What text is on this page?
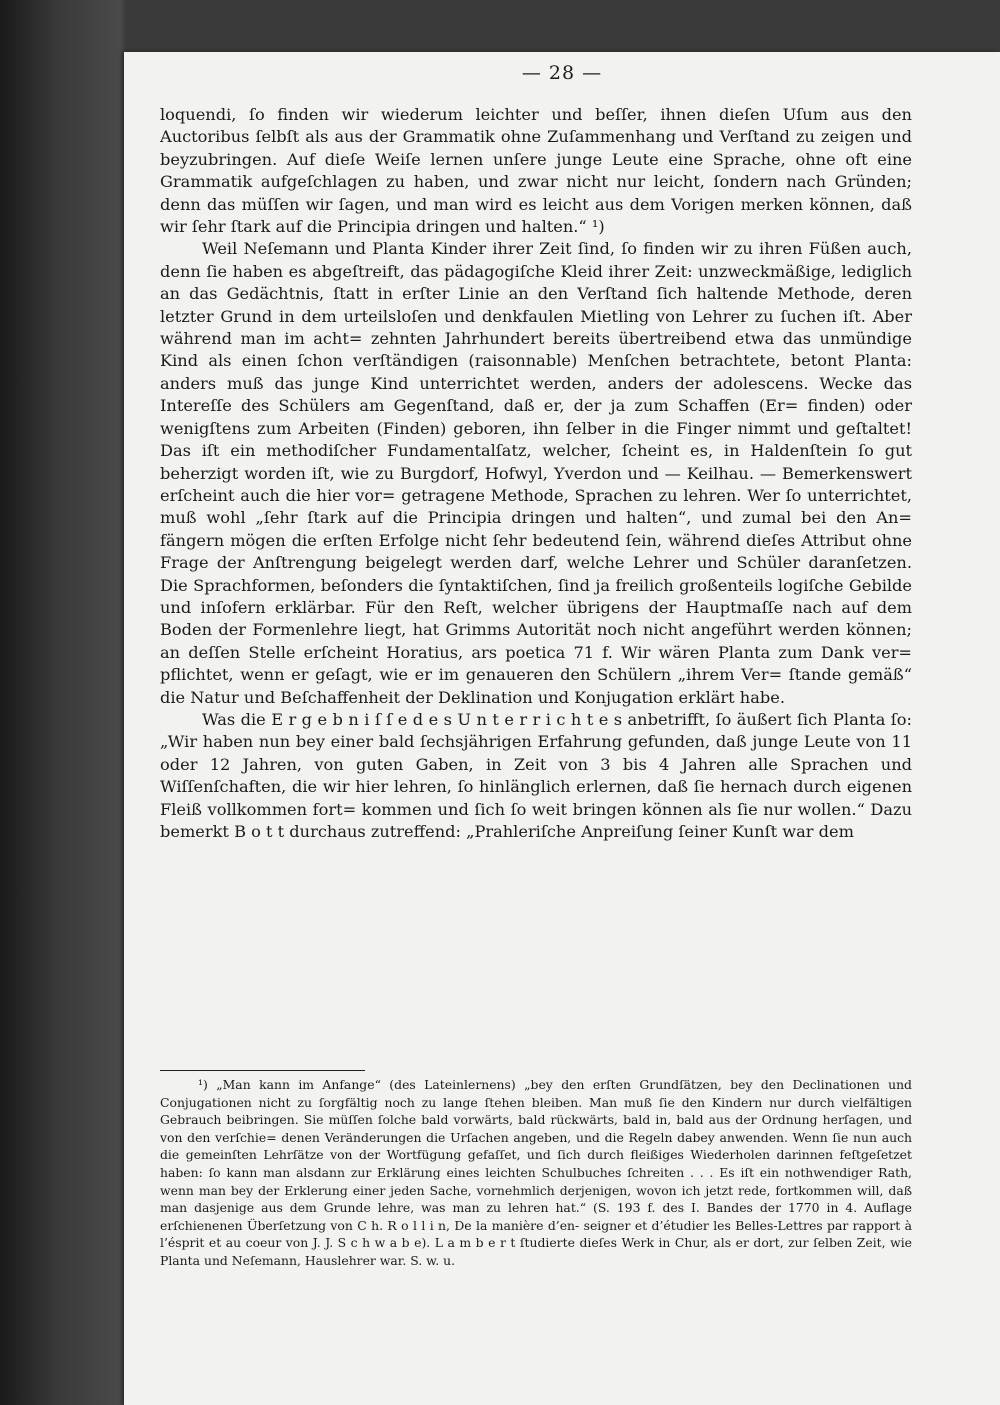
— 28 —

loquendi, ſo finden wir wiederum leichter und beſſer, ihnen dieſen Uſum aus den Auctoribus ſelbſt als aus der Grammatik ohne Zuſammenhang und Verſtand zu zeigen und beyzubringen. Auf dieſe Weiſe lernen unſere junge Leute eine Sprache, ohne oft eine Grammatik aufgeſchlagen zu haben, und zwar nicht nur leicht, ſondern nach Gründen; denn das müſſen wir ſagen, und man wird es leicht aus dem Vorigen merken können, daß wir ſehr ſtark auf die Principia dringen und halten.“ ¹)

Weil Neſemann und Planta Kinder ihrer Zeit ſind, ſo finden wir zu ihren Füßen auch, denn ſie haben es abgeſtreift, das pädagogiſche Kleid ihrer Zeit: unzweckmäßige, lediglich an das Gedächtnis, ſtatt in erſter Linie an den Verſtand ſich haltende Methode, deren letzter Grund in dem urteilsloſen und denkfaulen Mietling von Lehrer zu ſuchen iſt. Aber während man im acht= zehnten Jahrhundert bereits übertreibend etwa das unmündige Kind als einen ſchon verſtändigen (raisonnable) Menſchen betrachtete, betont Planta: anders muß das junge Kind unterrichtet werden, anders der adolescens. Wecke das Intereſſe des Schülers am Gegenſtand, daß er, der ja zum Schaffen (Er= finden) oder wenigſtens zum Arbeiten (Finden) geboren, ihn ſelber in die Finger nimmt und geſtaltet! Das iſt ein methodiſcher Fundamentalſatz, welcher, ſcheint es, in Haldenſtein ſo gut beherzigt worden iſt, wie zu Burgdorf, Hofwyl, Yverdon und — Keilhau. — Bemerkenswert erſcheint auch die hier vor= getragene Methode, Sprachen zu lehren. Wer ſo unterrichtet, muß wohl „ſehr ſtark auf die Principia dringen und halten“, und zumal bei den An= fängern mögen die erſten Erfolge nicht ſehr bedeutend ſein, während dieſes Attribut ohne Frage der Anſtrengung beigelegt werden darf, welche Lehrer und Schüler daranſetzen. Die Sprachformen, beſonders die ſyntaktiſchen, ſind ja freilich großenteils logiſche Gebilde und inſofern erklärbar. Für den Reſt, welcher übrigens der Hauptmaſſe nach auf dem Boden der Formenlehre liegt, hat Grimms Autorität noch nicht angeführt werden können; an deſſen Stelle erſcheint Horatius, ars poetica 71 f. Wir wären Planta zum Dank ver= pflichtet, wenn er geſagt, wie er im genaueren den Schülern „ihrem Ver= ſtande gemäß“ die Natur und Beſchaffenheit der Deklination und Konjugation erklärt habe.

Was die E r g e b n i ſ ſ e d e s U n t e r r i c h t e s anbetrifft, ſo äußert ſich Planta ſo: „Wir haben nun bey einer bald ſechsjährigen Erfahrung gefunden, daß junge Leute von 11 oder 12 Jahren, von guten Gaben, in Zeit von 3 bis 4 Jahren alle Sprachen und Wiſſenſchaften, die wir hier lehren, ſo hinlänglich erlernen, daß ſie hernach durch eigenen Fleiß vollkommen fort= kommen und ſich ſo weit bringen können als ſie nur wollen.“ Dazu bemerkt B o t t durchaus zutreffend: „Prahleriſche Anpreiſung ſeiner Kunſt war dem

¹) „Man kann im Anfange“ (des Lateinlernens) „bey den erſten Grundſätzen, bey den Declinationen und Conjugationen nicht zu ſorgfältig noch zu lange ſtehen bleiben. Man muß ſie den Kindern nur durch vielfältigen Gebrauch beibringen. Sie müſſen ſolche bald vorwärts, bald rückwärts, bald in, bald aus der Ordnung herſagen, und von den verſchie= denen Veränderungen die Urſachen angeben, und die Regeln dabey anwenden. Wenn ſie nun auch die gemeinſten Lehrſätze von der Wortfügung gefaſſet, und ſich durch fleißiges Wiederholen darinnen feſtgeſetzet haben: ſo kann man alsdann zur Erklärung eines leichten Schulbuches ſchreiten . . . Es iſt ein nothwendiger Rath, wenn man bey der Erklerung einer jeden Sache, vornehmlich derjenigen, wovon ich jetzt rede, fortkommen will, daß man dasjenige aus dem Grunde lehre, was man zu lehren hat.“ (S. 193 f. des I. Bandes der 1770 in 4. Auflage erſchienenen Überſetzung von C h. R o l l i n, De la manière d’en- seigner et d’étudier les Belles-Lettres par rapport à l’ésprit et au coeur von J. J. S c h w a b e). L a m b e r t ſtudierte dieſes Werk in Chur, als er dort, zur ſelben Zeit, wie Planta und Neſemann, Hauslehrer war. S. w. u.
